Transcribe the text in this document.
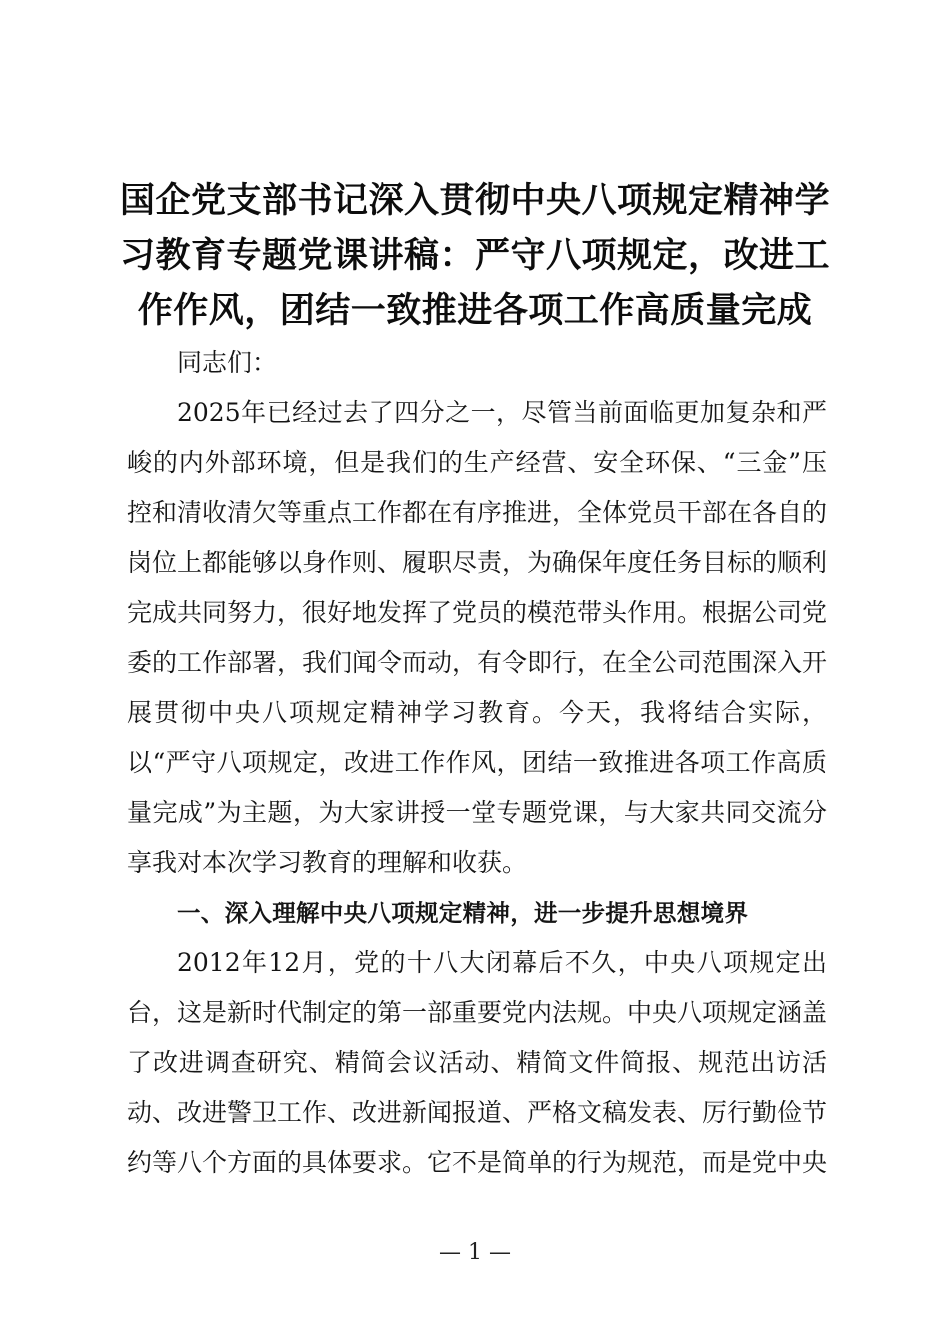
国企党支部书记深入贯彻中央八项规定精神学习教育专题党课讲稿：严守八项规定，改进工作作风，团结一致推进各项工作高质量完成

同志们：

2025年已经过去了四分之一，尽管当前面临更加复杂和严峻的内外部环境，但是我们的生产经营、安全环保、“三金”压控和清收清欠等重点工作都在有序推进，全体党员干部在各自的岗位上都能够以身作则、履职尽责，为确保年度任务目标的顺利完成共同努力，很好地发挥了党员的模范带头作用。根据公司党委的工作部署，我们闻令而动，有令即行，在全公司范围深入开展贯彻中央八项规定精神学习教育。今天，我将结合实际，以“严守八项规定，改进工作作风，团结一致推进各项工作高质量完成”为主题，为大家讲授一堂专题党课，与大家共同交流分享我对本次学习教育的理解和收获。

一、深入理解中央八项规定精神，进一步提升思想境界

2012年12月，党的十八大闭幕后不久，中央八项规定出台，这是新时代制定的第一部重要党内法规。中央八项规定涵盖了改进调查研究、精简会议活动、精简文件简报、规范出访活动、改进警卫工作、改进新闻报道、严格文稿发表、厉行勤俭节约等八个方面的具体要求。它不是简单的行为规范，而是党中央

— 1 —
